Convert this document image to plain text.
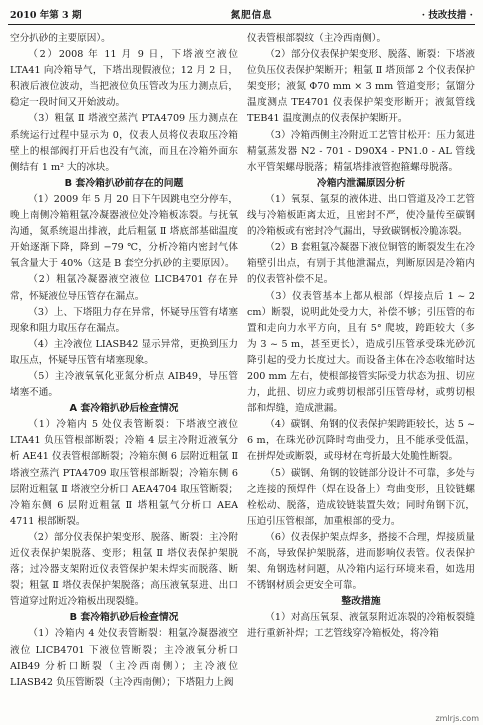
2010 年第 3 期	氮肥信息	· 技改技措 ·

空分扒砂的主要原因）。

（2）2008 年 11 月 9 日，下塔液空液位 LTA41 向冷箱导气，下塔出现假液位；12 月 2 日，积液后液位波动，当把液位负压管改为压力测点后，稳定一段时间又开始波动。

（3）粗氩 Ⅱ 塔液空蒸汽 PTA4709 压力测点在系统运行过程中显示为 0，仪表人员将仪表取压冷箱壁上的根部阀打开后也没有气流，而且在冷箱外面东侧结有 1 m² 大的冰块。

B 套冷箱扒砂前存在的问题

（1）2009 年 5 月 20 日下午因跳电空分停车，晚上南侧冷箱粗氩冷凝器液位处冷箱板冻裂。与抚氧沟通，氮系统退出排液，此后粗氩 Ⅱ 塔底部基础温度开始逐渐下降，降到 −79 ℃，分析冷箱内密封气体氧含量大于 40%（这是 B 套空分扒砂的主要原因）。

（2）粗氩冷凝器液空液位 LICB4701 存在异常，怀疑液位导压管存在漏点。

（3）上、下塔阻力存在异常，怀疑导压管有堵塞现象和阻力取压存在漏点。

（4）主冷液位 LIASB42 显示异常，更换到压力取压点，怀疑导压管有堵塞现象。

（5）主冷液氧氧化亚氮分析点 AIB49，导压管堵塞不通。

A 套冷箱扒砂后检查情况

（1）冷箱内 5 处仪表管断裂：下塔液空液位 LTA41 负压管根部断裂；冷箱 4 层主冷附近液氧分析 AE41 仪表管根部断裂；冷箱东侧 6 层附近粗氩 Ⅱ 塔液空蒸汽 PTA4709 取压管根部断裂；冷箱东侧 6 层附近粗氩 Ⅱ 塔液空分析口 AEA4704 取压管断裂；冷箱东侧 6 层附近粗氩 Ⅱ 塔粗氩气分析口 AEA 4711 根部断裂。

（2）部分仪表保护架变形、脱落、断裂：主冷附近仪表保护架脱落、变形；粗氩 Ⅱ 塔仪表保护架脱落；过冷器支架附近仪表管保护架未焊实而脱落、断裂；粗氩 Ⅱ 塔仪表保护架脱落；高压液氧泵进、出口管道穿过附近冷箱板出现裂缝。

B 套冷箱扒砂后检查情况

（1）冷箱内 4 处仪表管断裂：粗氩冷凝器液空液位 LICB4701 下液位管断裂；主冷液氧分析口 AIB49 分析口断裂（主冷西南侧）；主冷液位 LIASB42 负压管断裂（主冷西南侧）；下塔阻力上阀

仪表管根部裂纹（主冷西南侧）。

（2）部分仪表保护架变形、脱落、断裂：下塔液位负压仪表保护架断开；粗氩 Ⅱ 塔顶部 2 个仪表保护架变形；液氮 Φ70 mm × 3 mm 管道变形；氩馏分温度测点 TE4701 仪表保护架变形断开；液氮管线 TEB41 温度测点的仪表保护架断开。

（3）冷箱西侧主冷附近工艺管甘松开：压力氮进精氩蒸发器 N2 - 701 - D90X4 - PN1.0 - AL 管线水平管架螺母脱落；精氩塔排液管抱箍螺母脱落。

冷箱内泄漏原因分析

（1）氧泵、氩泵的液体进、出口管道及冷工艺管线与冷箱板距离太近，且密封不严，使冷量传至碳钢的冷箱板或有密封冷气漏出，导致碳钢板冷脆冻裂。

（2）B 套粗氩冷凝器下液位铜管的断裂发生在冷箱壁引出点，有别于其他泄漏点，判断原因是冷箱内的仪表管补偿不足。

（3）仪表管基本上都从根部（焊接点后 1 ~ 2 cm）断裂，说明此处受力大，补偿不够；引压管的布置和走向力水平方向，且有 5° 爬坡，跨距较大（多为 3 ~ 5 m，甚至更长），造成引压管承受珠光砂沉降引起的受力长度过大。而设备主体在冷态收缩时达 200 mm 左右，使根部接管实际受力状态为扭、切应力，此扭、切应力或剪切根部引压管母材，或剪切根部和焊缝，造成泄漏。

（4）碳钢、角钢的仪表保护架跨距较长，达 5 ~ 6 m，在珠光砂沉降时弯曲受力，且不能承受低温，在拼焊处或断裂，或母材在弯折最大处脆性断裂。

（5）碳钢、角钢的铰链部分设计不可靠，多处与之连接的预焊件（焊在设备上）弯曲变形，且铰链螺栓松动、脱落，造成铰链装置失效；同时角钢下沉，压迫引压管根部，加重根部的受力。

（6）仪表保护架点焊多，搭接不合理，焊接质量不高，导致保护架脱落，进而影响仪表管。仪表保护架、角钢选材问题，从冷箱内运行环境来看，如选用不锈钢材质会更安全可靠。

整改措施

（1）对高压氧泵、液氩泵附近冻裂的冷箱板裂缝进行重新补焊；工艺管线穿冷箱板处，将冷箱

zmlrjs.com
